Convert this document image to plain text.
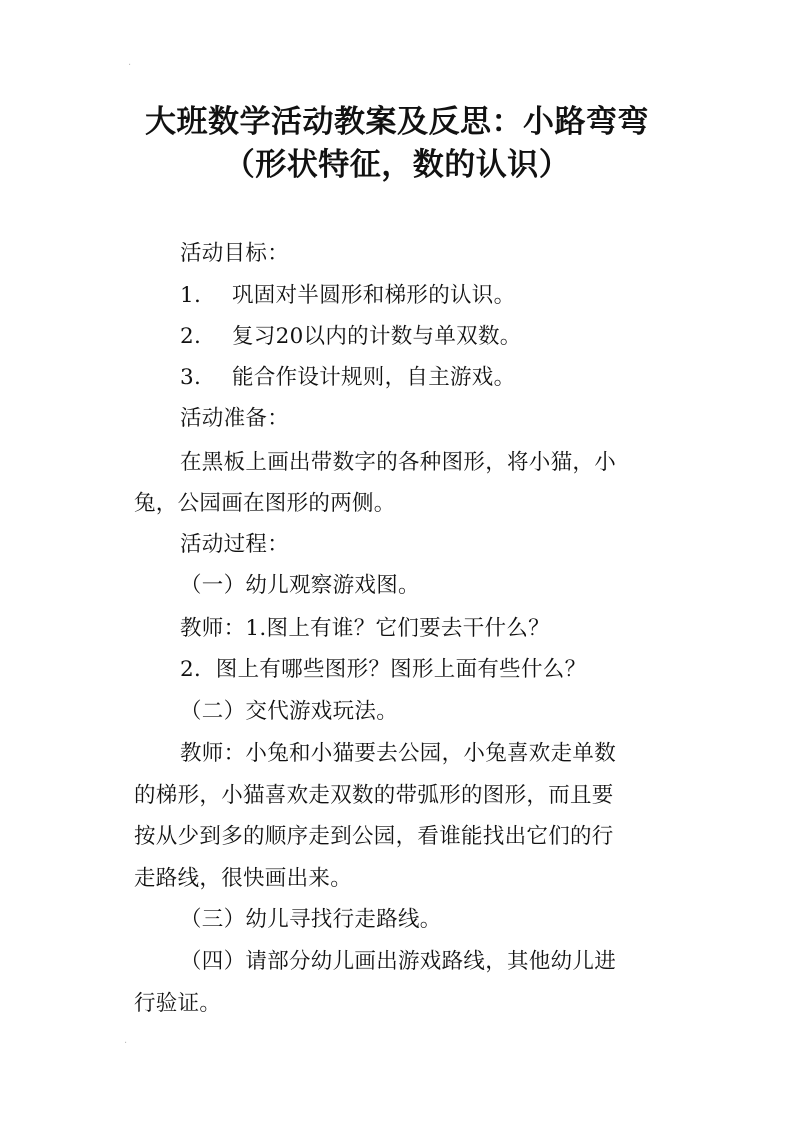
·
大班数学活动教案及反思：小路弯弯
（形状特征，数的认识）
活动目标：
1. 巩固对半圆形和梯形的认识。
2. 复习20以内的计数与单双数。
3. 能合作设计规则，自主游戏。
活动准备：
在黑板上画出带数字的各种图形，将小猫，小
兔，公园画在图形的两侧。
活动过程：
（一）幼儿观察游戏图。
教师：1.图上有谁？它们要去干什么？
2．图上有哪些图形？图形上面有些什么？
（二）交代游戏玩法。
教师：小兔和小猫要去公园，小兔喜欢走单数
的梯形，小猫喜欢走双数的带弧形的图形，而且要
按从少到多的顺序走到公园，看谁能找出它们的行
走路线，很快画出来。
（三）幼儿寻找行走路线。
（四）请部分幼儿画出游戏路线，其他幼儿进
行验证。
·
